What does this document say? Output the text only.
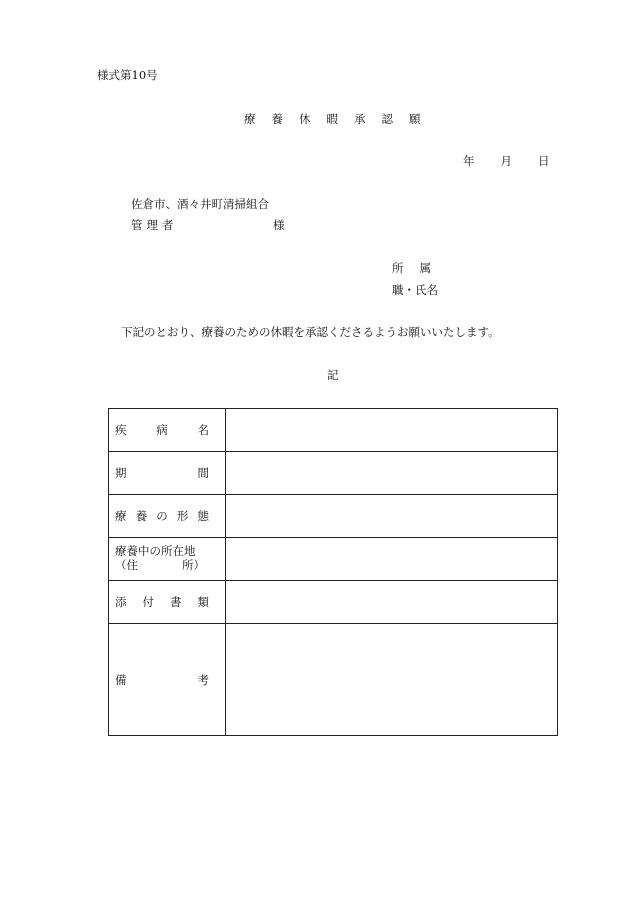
様式第10号
療養休暇承認願
年 月 日
佐倉市、酒々井町清掃組合
管理者	様
所属
職・氏名
下記のとおり、療養のための休暇を承認くださるようお願いいたします。
記
疾 病 名	

期 間	

療 養 の 形 態	

療養中の所在地
（住 所）	

添 付 書 類	

備 考	
